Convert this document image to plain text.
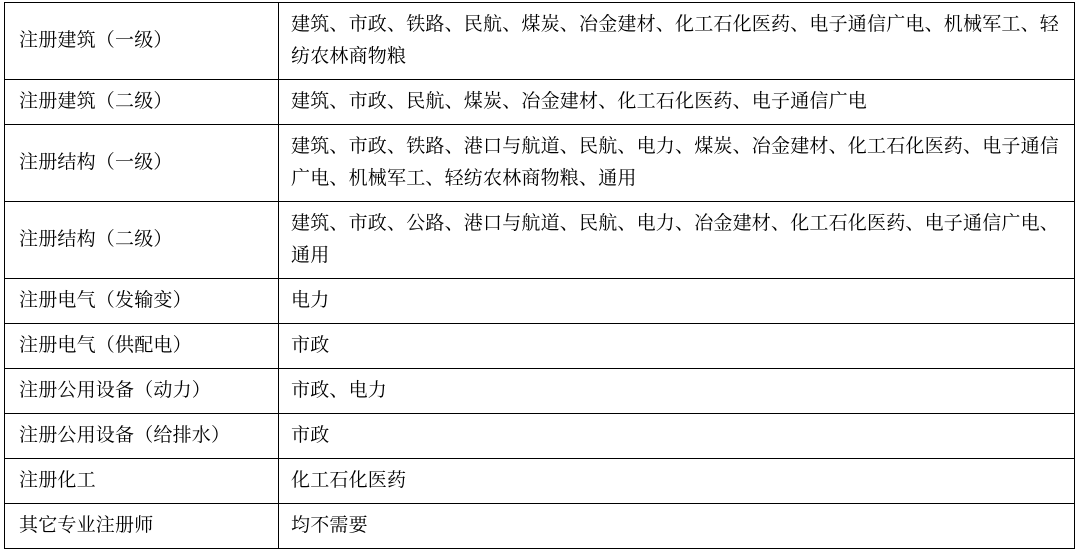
注册建筑（一级）	建筑、市政、铁路、民航、煤炭、冶金建材、化工石化医药、电子通信广电、机械军工、轻纺农林商物粮
注册建筑（二级）	建筑、市政、民航、煤炭、冶金建材、化工石化医药、电子通信广电
注册结构（一级）	建筑、市政、铁路、港口与航道、民航、电力、煤炭、冶金建材、化工石化医药、电子通信广电、机械军工、轻纺农林商物粮、通用
注册结构（二级）	建筑、市政、公路、港口与航道、民航、电力、冶金建材、化工石化医药、电子通信广电、通用
注册电气（发输变）	电力
注册电气（供配电）	市政
注册公用设备（动力）	市政、电力
注册公用设备（给排水）	市政
注册化工	化工石化医药
其它专业注册师	均不需要
